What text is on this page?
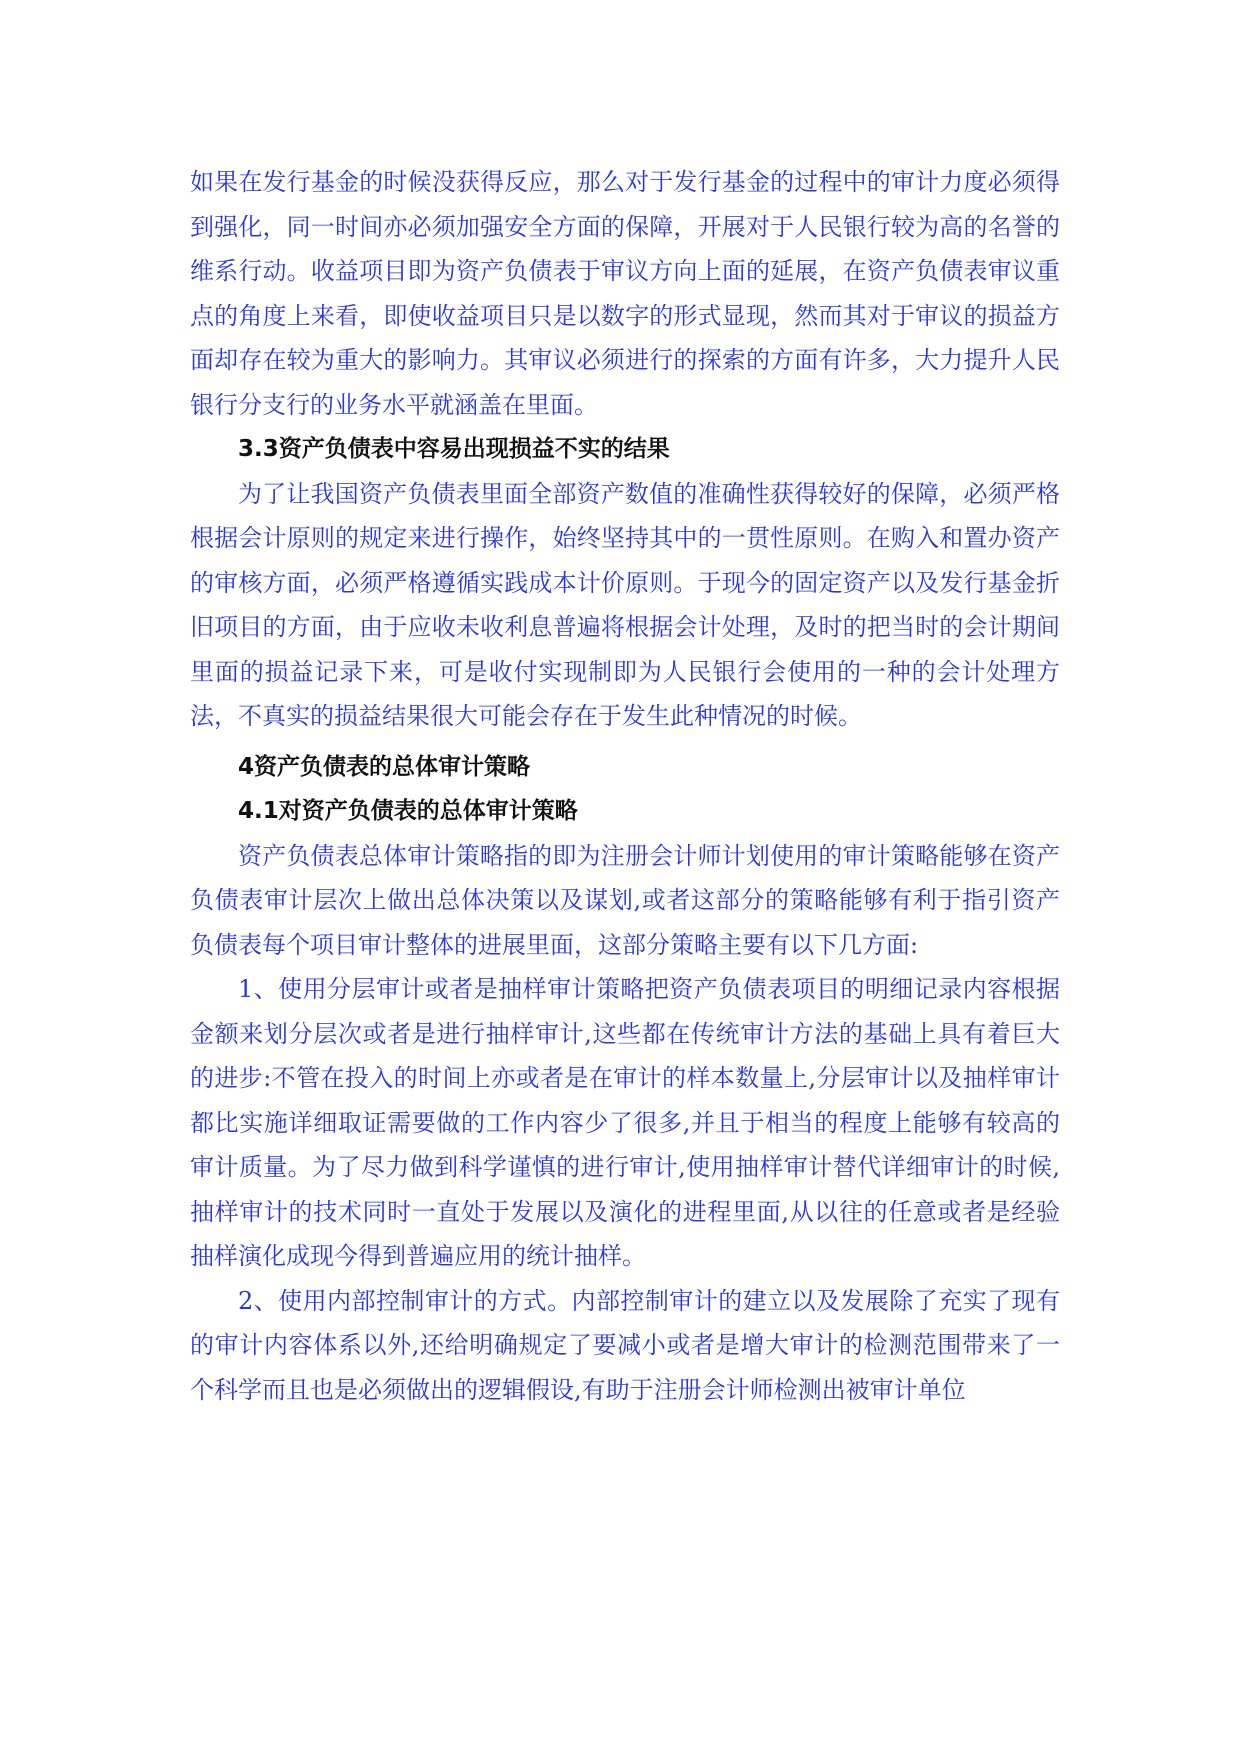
如果在发行基金的时候没获得反应，那么对于发行基金的过程中的审计力度必须得到强化，同一时间亦必须加强安全方面的保障，开展对于人民银行较为高的名誉的维系行动。收益项目即为资产负债表于审议方向上面的延展，在资产负债表审议重点的角度上来看，即使收益项目只是以数字的形式显现，然而其对于审议的损益方面却存在较为重大的影响力。其审议必须进行的探索的方面有许多，大力提升人民银行分支行的业务水平就涵盖在里面。

3.3资产负债表中容易出现损益不实的结果

为了让我国资产负债表里面全部资产数值的准确性获得较好的保障，必须严格根据会计原则的规定来进行操作，始终坚持其中的一贯性原则。在购入和置办资产的审核方面，必须严格遵循实践成本计价原则。于现今的固定资产以及发行基金折旧项目的方面，由于应收未收利息普遍将根据会计处理，及时的把当时的会计期间里面的损益记录下来，可是收付实现制即为人民银行会使用的一种的会计处理方法，不真实的损益结果很大可能会存在于发生此种情况的时候。

4资产负债表的总体审计策略

4.1对资产负债表的总体审计策略

资产负债表总体审计策略指的即为注册会计师计划使用的审计策略能够在资产负债表审计层次上做出总体决策以及谋划,或者这部分的策略能够有利于指引资产负债表每个项目审计整体的进展里面，这部分策略主要有以下几方面:

1、使用分层审计或者是抽样审计策略把资产负债表项目的明细记录内容根据金额来划分层次或者是进行抽样审计,这些都在传统审计方法的基础上具有着巨大的进步:不管在投入的时间上亦或者是在审计的样本数量上,分层审计以及抽样审计都比实施详细取证需要做的工作内容少了很多,并且于相当的程度上能够有较高的审计质量。为了尽力做到科学谨慎的进行审计,使用抽样审计替代详细审计的时候,抽样审计的技术同时一直处于发展以及演化的进程里面,从以往的任意或者是经验抽样演化成现今得到普遍应用的统计抽样。

2、使用内部控制审计的方式。内部控制审计的建立以及发展除了充实了现有的审计内容体系以外,还给明确规定了要减小或者是增大审计的检测范围带来了一个科学而且也是必须做出的逻辑假设,有助于注册会计师检测出被审计单位
